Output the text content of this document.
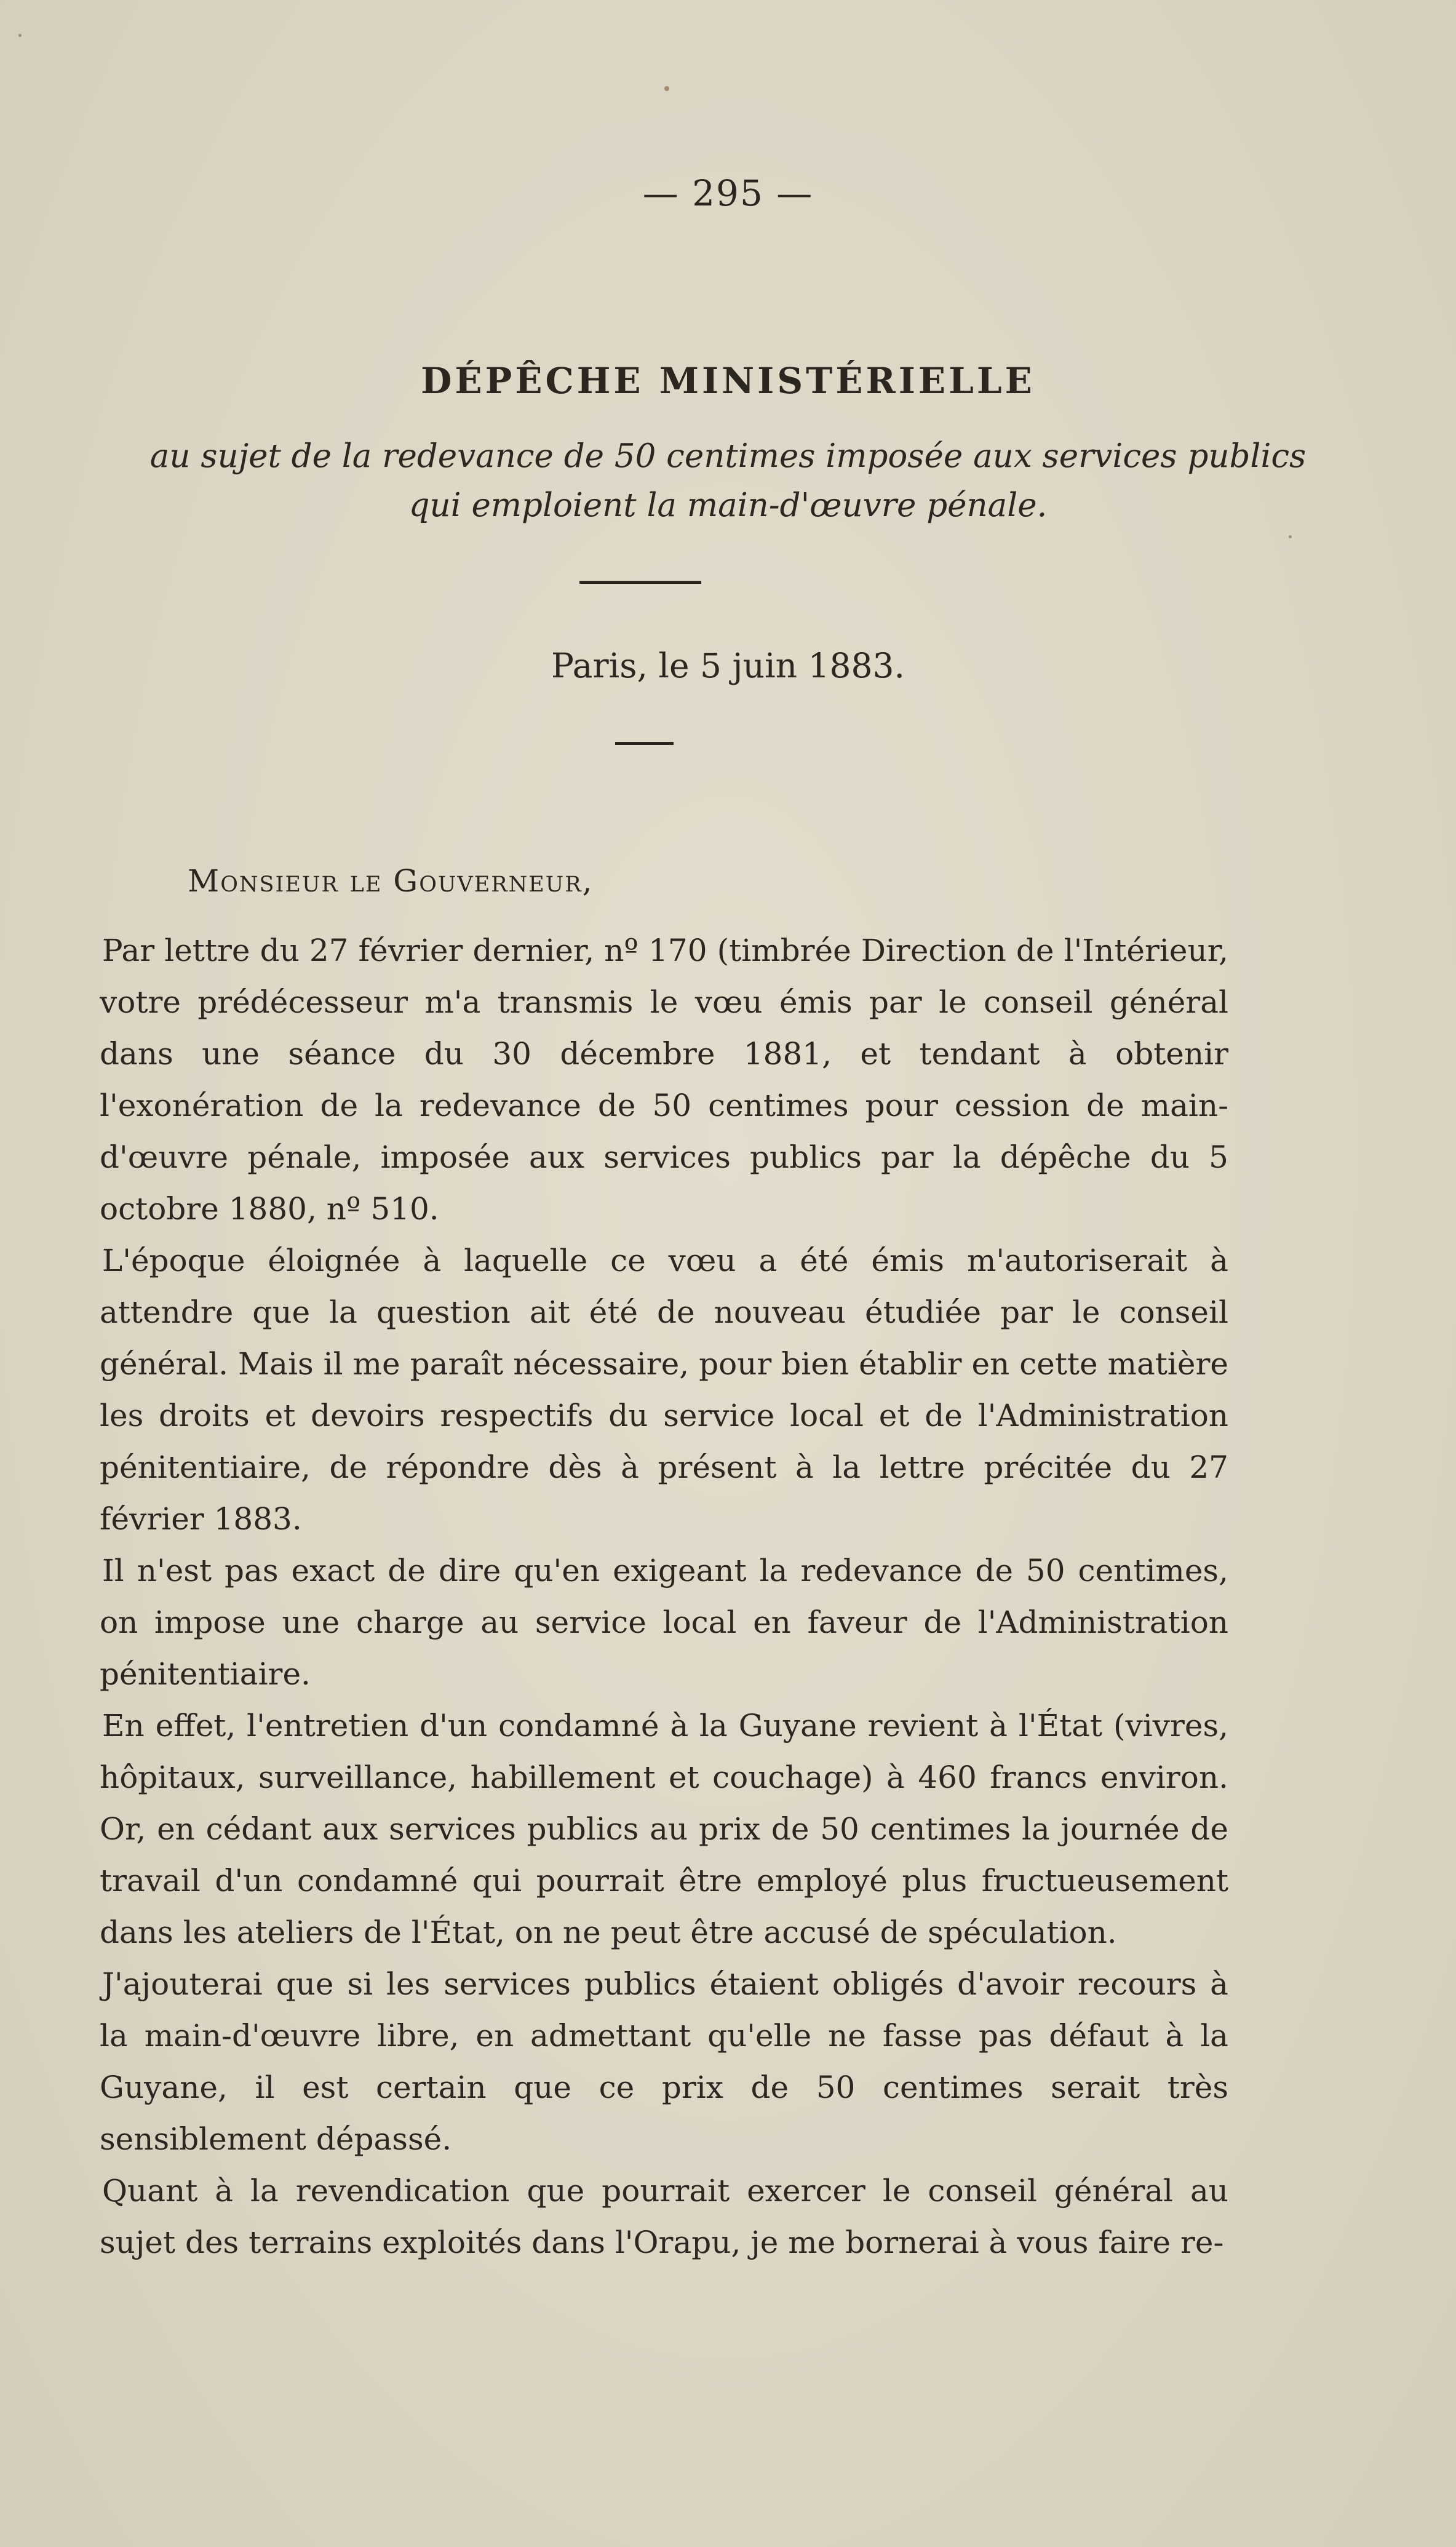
— 295 —
DÉPÊCHE MINISTÉRIELLE
au sujet de la redevance de 50 centimes imposée aux services publics
qui emploient la main-d'œuvre pénale.
Paris, le 5 juin 1883.
Monsieur le Gouverneur,

Par lettre du 27 février dernier, nº 170 (timbrée Direction de l'Intérieur, votre prédécesseur m'a transmis le vœu émis par le conseil général dans une séance du 30 décembre 1881, et tendant à obtenir l'exonération de la redevance de 50 centimes pour cession de main-d'œuvre pénale, imposée aux services publics par la dépêche du 5 octobre 1880, nº 510.

L'époque éloignée à laquelle ce vœu a été émis m'autoriserait à attendre que la question ait été de nouveau étudiée par le conseil général. Mais il me paraît nécessaire, pour bien établir en cette matière les droits et devoirs respectifs du service local et de l'Administration pénitentiaire, de répondre dès à présent à la lettre précitée du 27 février 1883.

Il n'est pas exact de dire qu'en exigeant la redevance de 50 centimes, on impose une charge au service local en faveur de l'Administration pénitentiaire.

En effet, l'entretien d'un condamné à la Guyane revient à l'État (vivres, hôpitaux, surveillance, habillement et couchage) à 460 francs environ. Or, en cédant aux services publics au prix de 50 centimes la journée de travail d'un condamné qui pourrait être employé plus fructueusement dans les ateliers de l'État, on ne peut être accusé de spéculation.

J'ajouterai que si les services publics étaient obligés d'avoir recours à la main-d'œuvre libre, en admettant qu'elle ne fasse pas défaut à la Guyane, il est certain que ce prix de 50 centimes serait très sensiblement dépassé.

Quant à la revendication que pourrait exercer le conseil général au sujet des terrains exploités dans l'Orapu, je me bornerai à vous faire re-
